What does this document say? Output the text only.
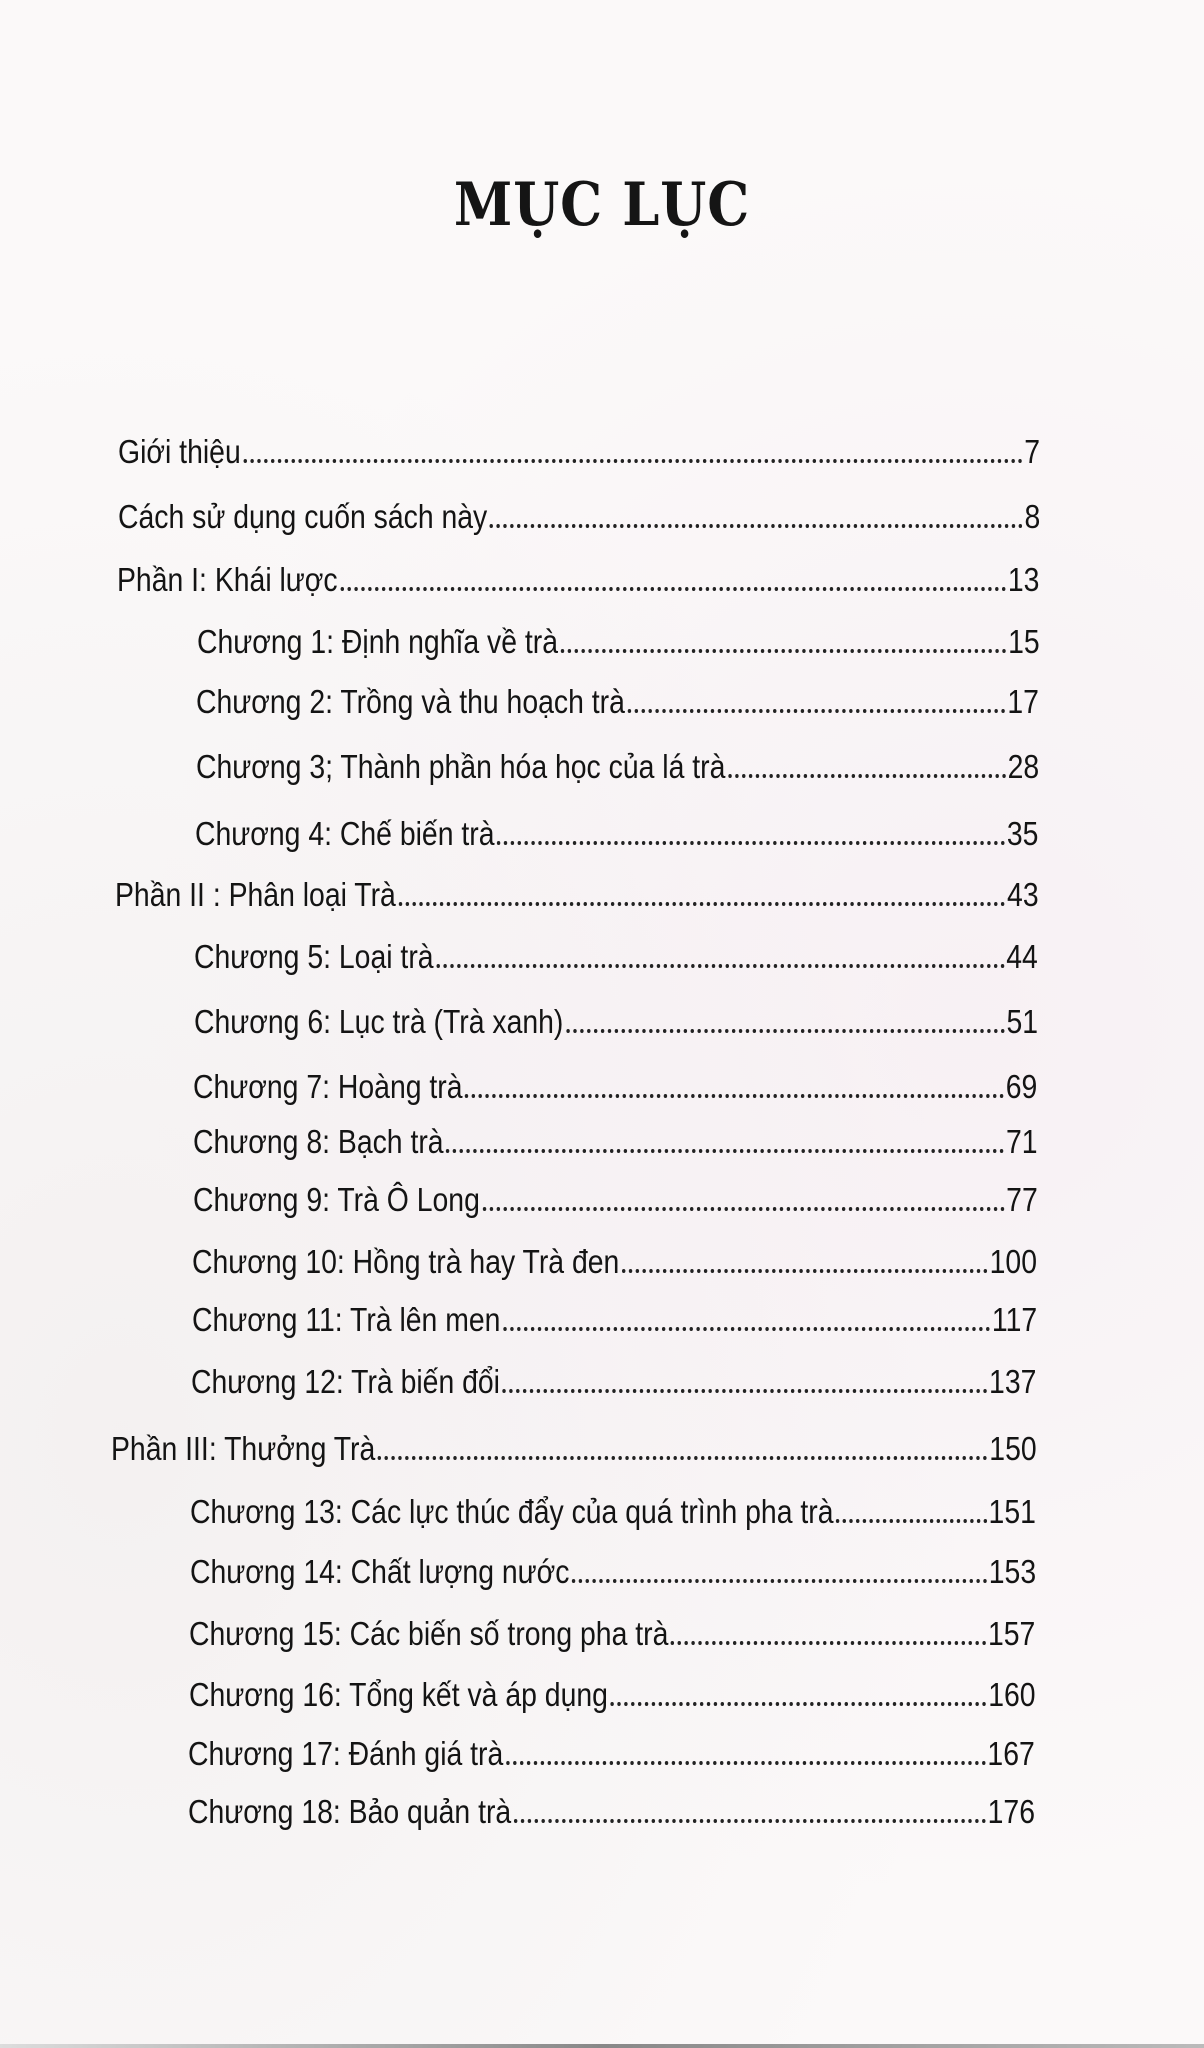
MỤC LỤC
Giới thiệu	7
Cách sử dụng cuốn sách này	8
Phần I: Khái lược	13
Chương 1: Định nghĩa về trà	15
Chương 2: Trồng và thu hoạch trà	17
Chương 3; Thành phần hóa học của lá trà	28
Chương 4: Chế biến trà	35
Phần II : Phân loại Trà	43
Chương 5: Loại trà	44
Chương 6: Lục trà (Trà xanh)	51
Chương 7: Hoàng trà	69
Chương 8: Bạch trà	71
Chương 9: Trà Ô Long	77
Chương 10: Hồng trà hay Trà đen	100
Chương 11: Trà lên men	117
Chương 12: Trà biến đổi	137
Phần III: Thưởng Trà	150
Chương 13: Các lực thúc đẩy của quá trình pha trà	151
Chương 14: Chất lượng nước	153
Chương 15: Các biến số trong pha trà	157
Chương 16: Tổng kết và áp dụng	160
Chương 17: Đánh giá trà	167
Chương 18: Bảo quản trà	176
